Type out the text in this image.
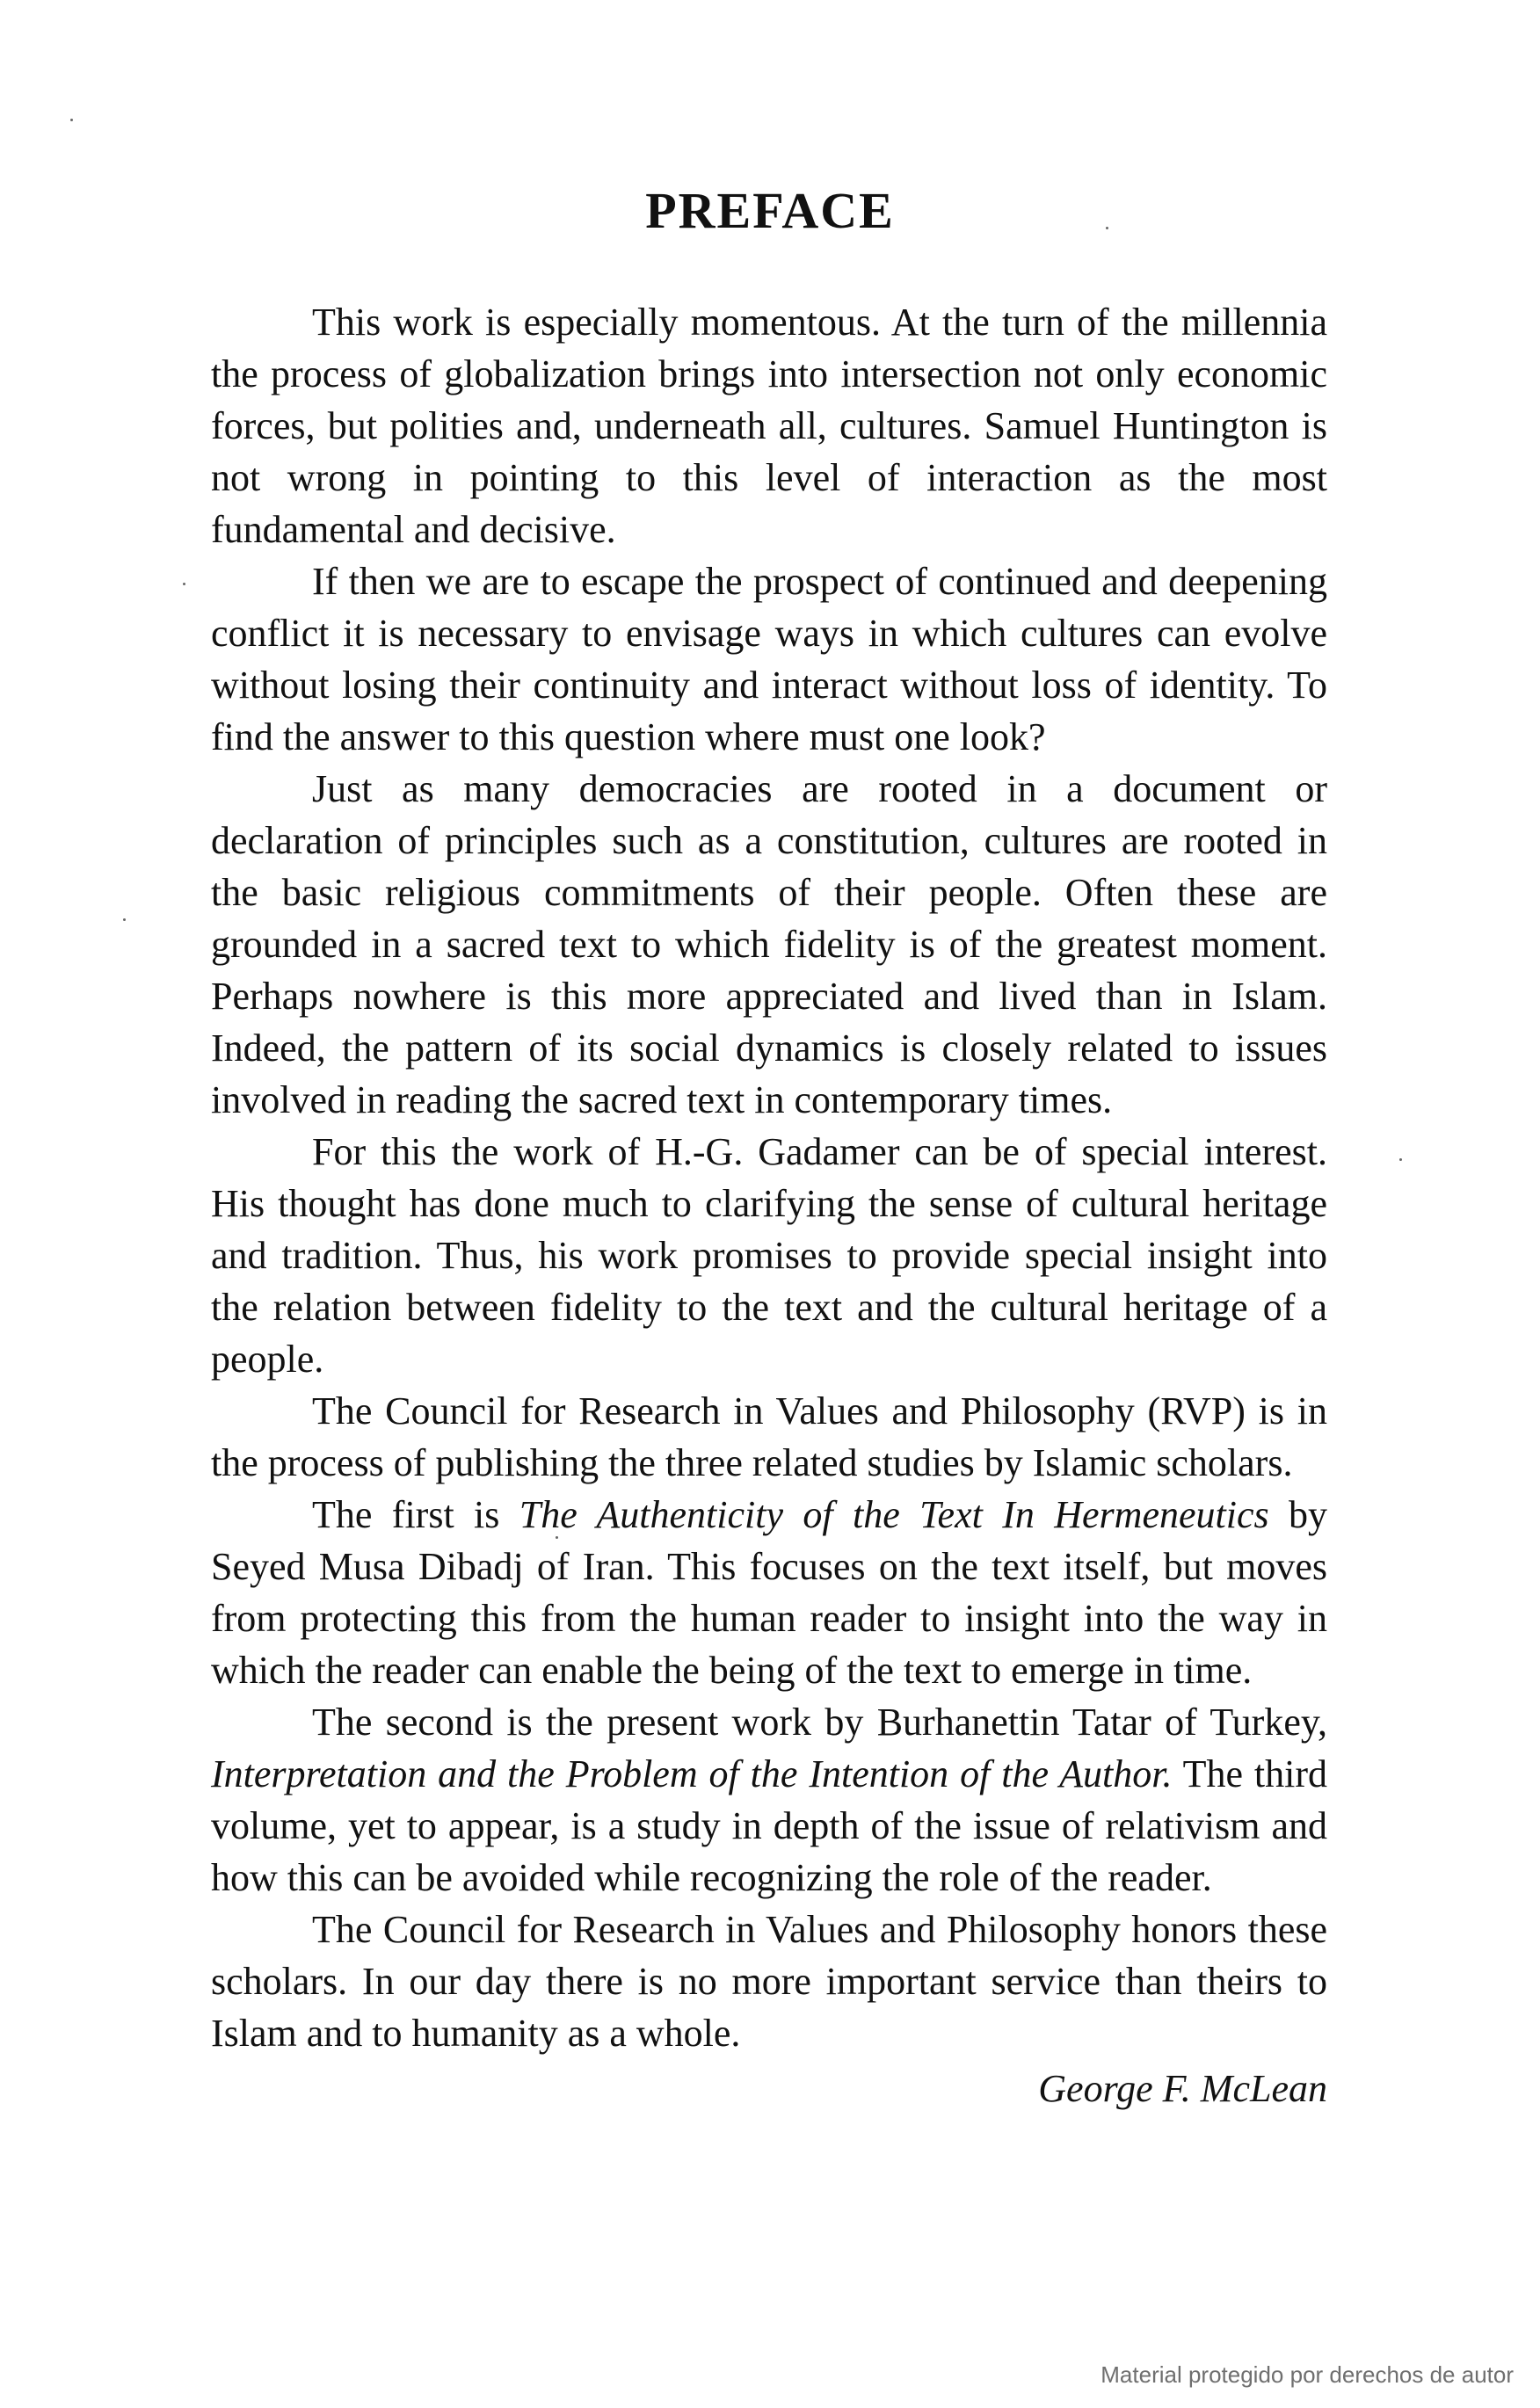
PREFACE

This work is especially momentous. At the turn of the millennia the process of globalization brings into intersection not only economic forces, but polities and, underneath all, cultures. Samuel Huntington is not wrong in pointing to this level of interaction as the most fundamental and decisive.

If then we are to escape the prospect of continued and deepening conflict it is necessary to envisage ways in which cultures can evolve without losing their continuity and interact without loss of identity. To find the answer to this question where must one look?

Just as many democracies are rooted in a document or declaration of principles such as a constitution, cultures are rooted in the basic religious commitments of their people. Often these are grounded in a sacred text to which fidelity is of the greatest moment. Perhaps nowhere is this more appreciated and lived than in Islam. Indeed, the pattern of its social dynamics is closely related to issues involved in reading the sacred text in contemporary times.

For this the work of H.-G. Gadamer can be of special interest. His thought has done much to clarifying the sense of cultural heritage and tradition. Thus, his work promises to provide special insight into the relation between fidelity to the text and the cultural heritage of a people.

The Council for Research in Values and Philosophy (RVP) is in the process of publishing the three related studies by Islamic scholars.

The first is The Authenticity of the Text In Hermeneutics by Seyed Musa Dibadj of Iran. This focuses on the text itself, but moves from protecting this from the human reader to insight into the way in which the reader can enable the being of the text to emerge in time.

The second is the present work by Burhanettin Tatar of Turkey, Interpretation and the Problem of the Intention of the Author. The third volume, yet to appear, is a study in depth of the issue of relativism and how this can be avoided while recognizing the role of the reader.

The Council for Research in Values and Philosophy honors these scholars. In our day there is no more important service than theirs to Islam and to humanity as a whole.

George F. McLean

Material protegido por derechos de autor
